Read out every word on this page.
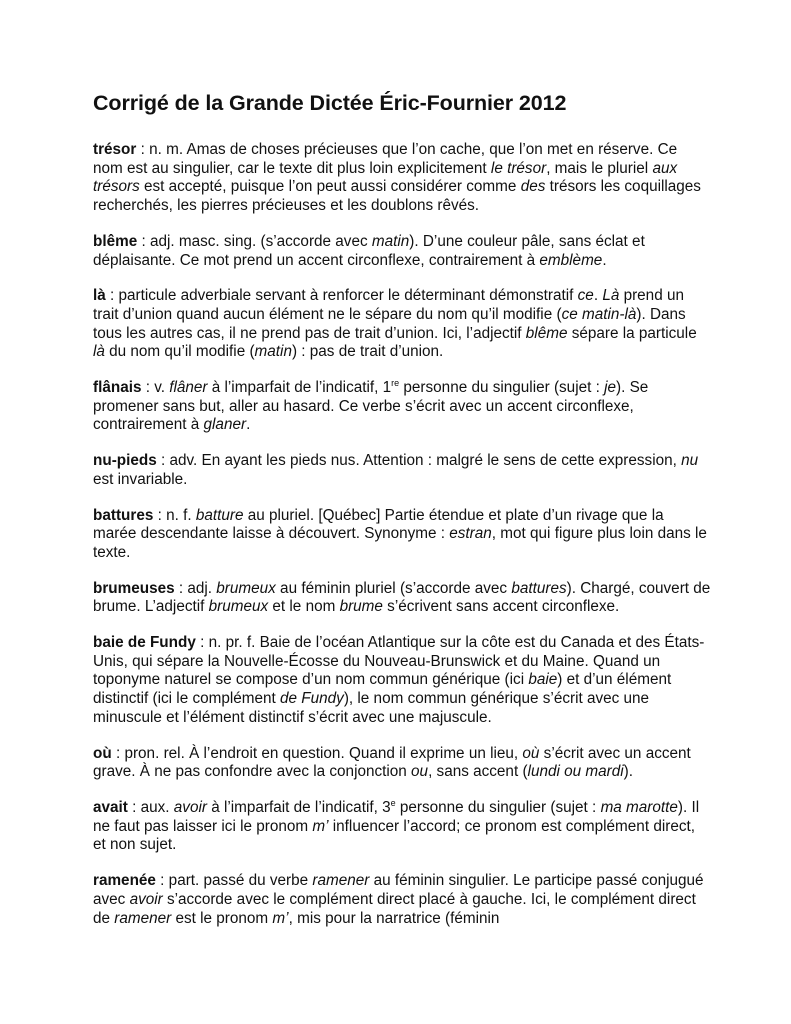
Corrigé de la Grande Dictée Éric-Fournier 2012

trésor : n. m. Amas de choses précieuses que l’on cache, que l’on met en réserve. Ce nom est au singulier, car le texte dit plus loin explicitement le trésor, mais le pluriel aux trésors est accepté, puisque l’on peut aussi considérer comme des trésors les coquillages recherchés, les pierres précieuses et les doublons rêvés.

blême : adj. masc. sing. (s’accorde avec matin). D’une couleur pâle, sans éclat et déplaisante. Ce mot prend un accent circonflexe, contrairement à emblème.

là : particule adverbiale servant à renforcer le déterminant démonstratif ce. Là prend un trait d’union quand aucun élément ne le sépare du nom qu’il modifie (ce matin-là). Dans tous les autres cas, il ne prend pas de trait d’union. Ici, l’adjectif blême sépare la particule là du nom qu’il modifie (matin) : pas de trait d’union.

flânais : v. flâner à l’imparfait de l’indicatif, 1re personne du singulier (sujet : je). Se promener sans but, aller au hasard. Ce verbe s’écrit avec un accent circonflexe, contrairement à glaner.

nu-pieds : adv. En ayant les pieds nus. Attention : malgré le sens de cette expression, nu est invariable.

battures : n. f. batture au pluriel. [Québec] Partie étendue et plate d’un rivage que la marée descendante laisse à découvert. Synonyme : estran, mot qui figure plus loin dans le texte.

brumeuses : adj. brumeux au féminin pluriel (s’accorde avec battures). Chargé, couvert de brume. L’adjectif brumeux et le nom brume s’écrivent sans accent circonflexe.

baie de Fundy : n. pr. f. Baie de l’océan Atlantique sur la côte est du Canada et des États-Unis, qui sépare la Nouvelle-Écosse du Nouveau-Brunswick et du Maine. Quand un toponyme naturel se compose d’un nom commun générique (ici baie) et d’un élément distinctif (ici le complément de Fundy), le nom commun générique s’écrit avec une minuscule et l’élément distinctif s’écrit avec une majuscule.

où : pron. rel. À l’endroit en question. Quand il exprime un lieu, où s’écrit avec un accent grave. À ne pas confondre avec la conjonction ou, sans accent (lundi ou mardi).

avait : aux. avoir à l’imparfait de l’indicatif, 3e personne du singulier (sujet : ma marotte). Il ne faut pas laisser ici le pronom m’ influencer l’accord; ce pronom est complément direct, et non sujet.

ramenée : part. passé du verbe ramener au féminin singulier. Le participe passé conjugué avec avoir s’accorde avec le complément direct placé à gauche. Ici, le complément direct de ramener est le pronom m’, mis pour la narratrice (féminin
